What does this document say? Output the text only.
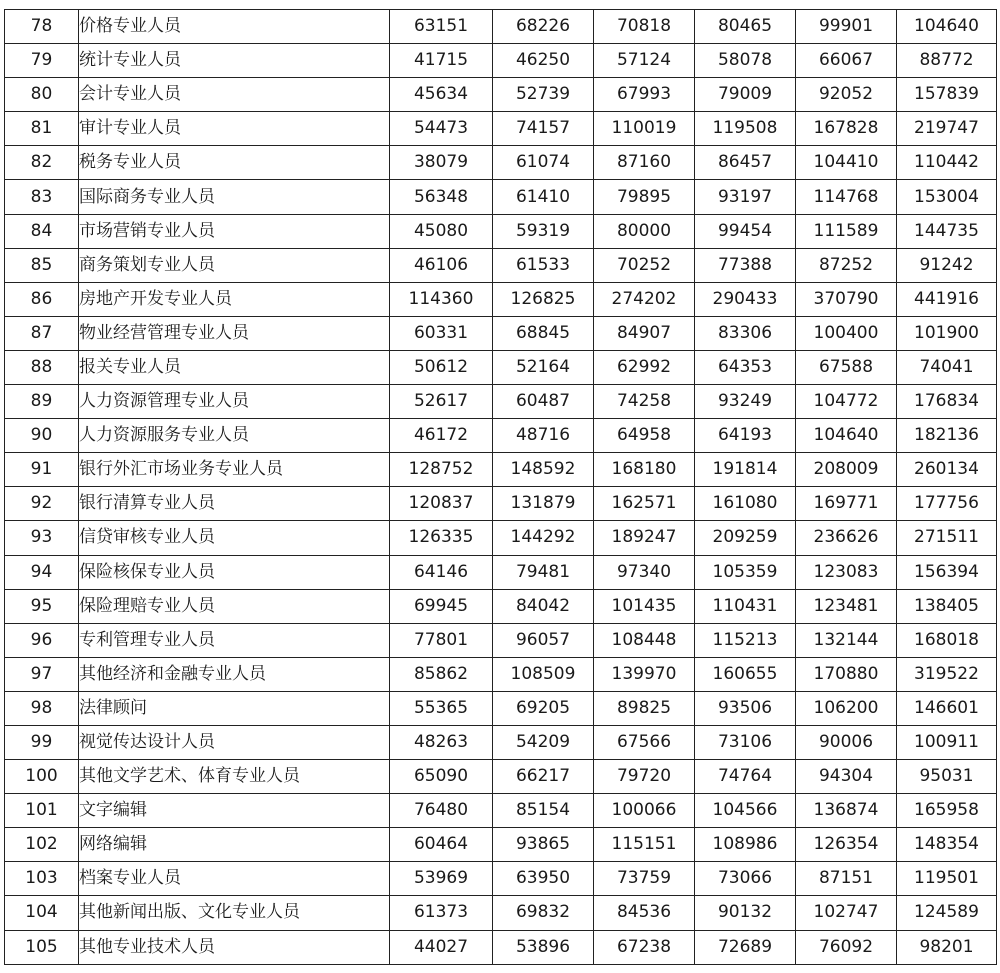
78	价格专业人员	63151	68226	70818	80465	99901	104640
79	统计专业人员	41715	46250	57124	58078	66067	88772
80	会计专业人员	45634	52739	67993	79009	92052	157839
81	审计专业人员	54473	74157	110019	119508	167828	219747
82	税务专业人员	38079	61074	87160	86457	104410	110442
83	国际商务专业人员	56348	61410	79895	93197	114768	153004
84	市场营销专业人员	45080	59319	80000	99454	111589	144735
85	商务策划专业人员	46106	61533	70252	77388	87252	91242
86	房地产开发专业人员	114360	126825	274202	290433	370790	441916
87	物业经营管理专业人员	60331	68845	84907	83306	100400	101900
88	报关专业人员	50612	52164	62992	64353	67588	74041
89	人力资源管理专业人员	52617	60487	74258	93249	104772	176834
90	人力资源服务专业人员	46172	48716	64958	64193	104640	182136
91	银行外汇市场业务专业人员	128752	148592	168180	191814	208009	260134
92	银行清算专业人员	120837	131879	162571	161080	169771	177756
93	信贷审核专业人员	126335	144292	189247	209259	236626	271511
94	保险核保专业人员	64146	79481	97340	105359	123083	156394
95	保险理赔专业人员	69945	84042	101435	110431	123481	138405
96	专利管理专业人员	77801	96057	108448	115213	132144	168018
97	其他经济和金融专业人员	85862	108509	139970	160655	170880	319522
98	法律顾问	55365	69205	89825	93506	106200	146601
99	视觉传达设计人员	48263	54209	67566	73106	90006	100911
100	其他文学艺术、体育专业人员	65090	66217	79720	74764	94304	95031
101	文字编辑	76480	85154	100066	104566	136874	165958
102	网络编辑	60464	93865	115151	108986	126354	148354
103	档案专业人员	53969	63950	73759	73066	87151	119501
104	其他新闻出版、文化专业人员	61373	69832	84536	90132	102747	124589
105	其他专业技术人员	44027	53896	67238	72689	76092	98201
